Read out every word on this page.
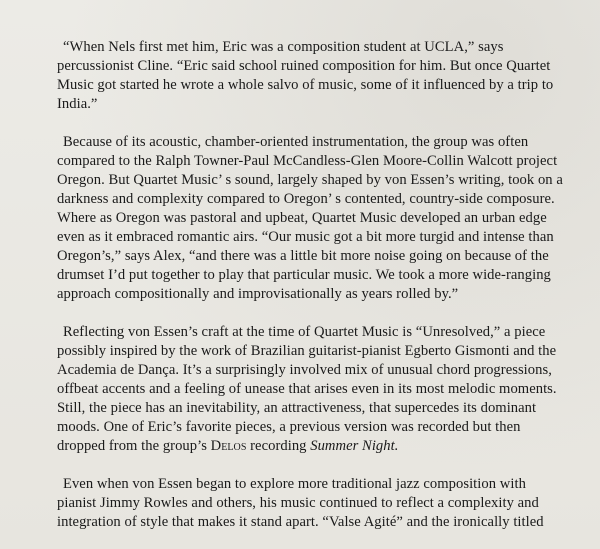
“When Nels first met him, Eric was a composition student at UCLA,” says
percussionist Cline. “Eric said school ruined composition for him. But once Quartet
Music got started he wrote a whole salvo of music, some of it influenced by a trip to
India.”

Because of its acoustic, chamber-oriented instrumentation, the group was often
compared to the Ralph Towner-Paul McCandless-Glen Moore-Collin Walcott project
Oregon. But Quartet Music’ s sound, largely shaped by von Essen’s writing, took on a
darkness and complexity compared to Oregon’ s contented, country-side composure.
Where as Oregon was pastoral and upbeat, Quartet Music developed an urban edge
even as it embraced romantic airs. “Our music got a bit more turgid and intense than
Oregon’s,” says Alex, “and there was a little bit more noise going on because of the
drumset I’d put together to play that particular music. We took a more wide-ranging
approach compositionally and improvisationally as years rolled by.”

Reflecting von Essen’s craft at the time of Quartet Music is “Unresolved,” a piece
possibly inspired by the work of Brazilian guitarist-pianist Egberto Gismonti and the
Academia de Dança. It’s a surprisingly involved mix of unusual chord progressions,
offbeat accents and a feeling of unease that arises even in its most melodic moments.
Still, the piece has an inevitability, an attractiveness, that supercedes its dominant
moods. One of Eric’s favorite pieces, a previous version was recorded but then
dropped from the group’s Delos recording Summer Night.

Even when von Essen began to explore more traditional jazz composition with
pianist Jimmy Rowles and others, his music continued to reflect a complexity and
integration of style that makes it stand apart. “Valse Agité” and the ironically titled
